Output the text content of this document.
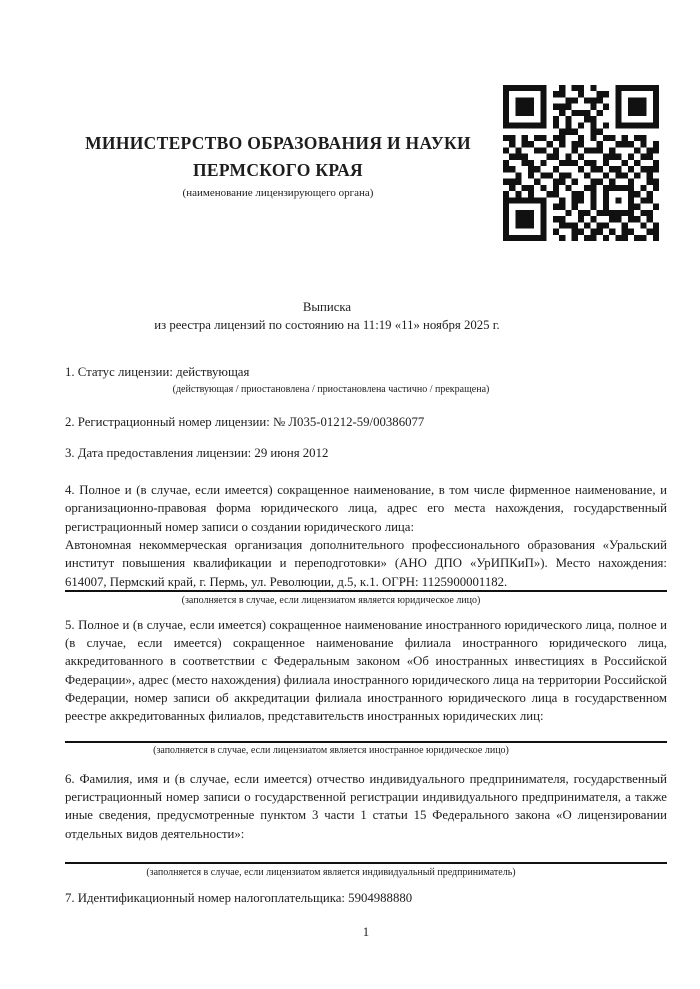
МИНИСТЕРСТВО ОБРАЗОВАНИЯ И НАУКИ
ПЕРМСКОГО КРАЯ
(наименование лицензирующего органа)
Выписка
из реестра лицензий по состоянию на 11:19 «11» ноября 2025 г.
1. Статус лицензии: действующая
(действующая / приостановлена / приостановлена частично / прекращена)
2. Регистрационный номер лицензии: № Л035-01212-59/00386077
3. Дата предоставления лицензии: 29 июня 2012

4. Полное и (в случае, если имеется) сокращенное наименование, в том числе фирменное наименование, и организационно-правовая форма юридического лица, адрес его места нахождения, государственный регистрационный номер записи о создании юридического лица:

Автономная некоммерческая организация дополнительного профессионального образования «Уральский институт повышения квалификации и переподготовки» (АНО ДПО «УрИПКиП»). Место нахождения: 614007, Пермский край, г. Пермь, ул. Революции, д.5, к.1. ОГРН: 1125900001182.

(заполняется в случае, если лицензиатом является юридическое лицо)
5. Полное и (в случае, если имеется) сокращенное наименование иностранного юридического лица, полное и (в случае, если имеется) сокращенное наименование филиала иностранного юридического лица, аккредитованного в соответствии с Федеральным законом «Об иностранных инвестициях в Российской Федерации», адрес (место нахождения) филиала иностранного юридического лица на территории Российской Федерации, номер записи об аккредитации филиала иностранного юридического лица в государственном реестре аккредитованных филиалов, представительств иностранных юридических лиц:
(заполняется в случае, если лицензиатом является иностранное юридическое лицо)
6. Фамилия, имя и (в случае, если имеется) отчество индивидуального предпринимателя, государственный регистрационный номер записи о государственной регистрации индивидуального предпринимателя, а также иные сведения, предусмотренные пунктом 3 части 1 статьи 15 Федерального закона «О лицензировании отдельных видов деятельности»:
(заполняется в случае, если лицензиатом является индивидуальный предприниматель)
7. Идентификационный номер налогоплательщика: 5904988880
1
